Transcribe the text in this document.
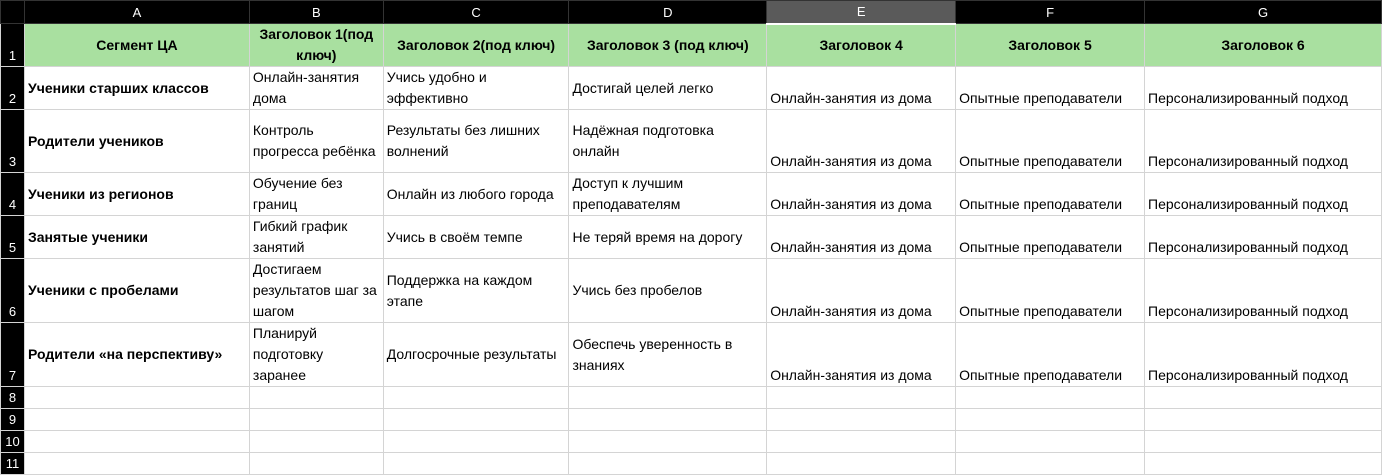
	A	B	C	D	E	F	G
1	Сегмент ЦА	Заголовок 1(под ключ)	Заголовок 2(под ключ)	Заголовок 3 (под ключ)	Заголовок 4	Заголовок 5	Заголовок 6
2	Ученики старших классов	Онлайн-занятия дома	Учись удобно и эффективно	Достигай целей легко	Онлайн-занятия из дома	Опытные преподаватели	Персонализированный подход
3	Родители учеников	Контроль прогресса ребёнка	Результаты без лишних волнений	Надёжная подготовка онлайн	Онлайн-занятия из дома	Опытные преподаватели	Персонализированный подход
4	Ученики из регионов	Обучение без границ	Онлайн из любого города	Доступ к лучшим преподавателям	Онлайн-занятия из дома	Опытные преподаватели	Персонализированный подход
5	Занятые ученики	Гибкий график занятий	Учись в своём темпе	Не теряй время на дорогу	Онлайн-занятия из дома	Опытные преподаватели	Персонализированный подход
6	Ученики с пробелами	Достигаем результатов шаг за шагом	Поддержка на каждом этапе	Учись без пробелов	Онлайн-занятия из дома	Опытные преподаватели	Персонализированный подход
7	Родители «на перспективу»	Планируй подготовку заранее	Долгосрочные результаты	Обеспечь уверенность в знаниях	Онлайн-занятия из дома	Опытные преподаватели	Персонализированный подход
8							
9							
10							
11							
